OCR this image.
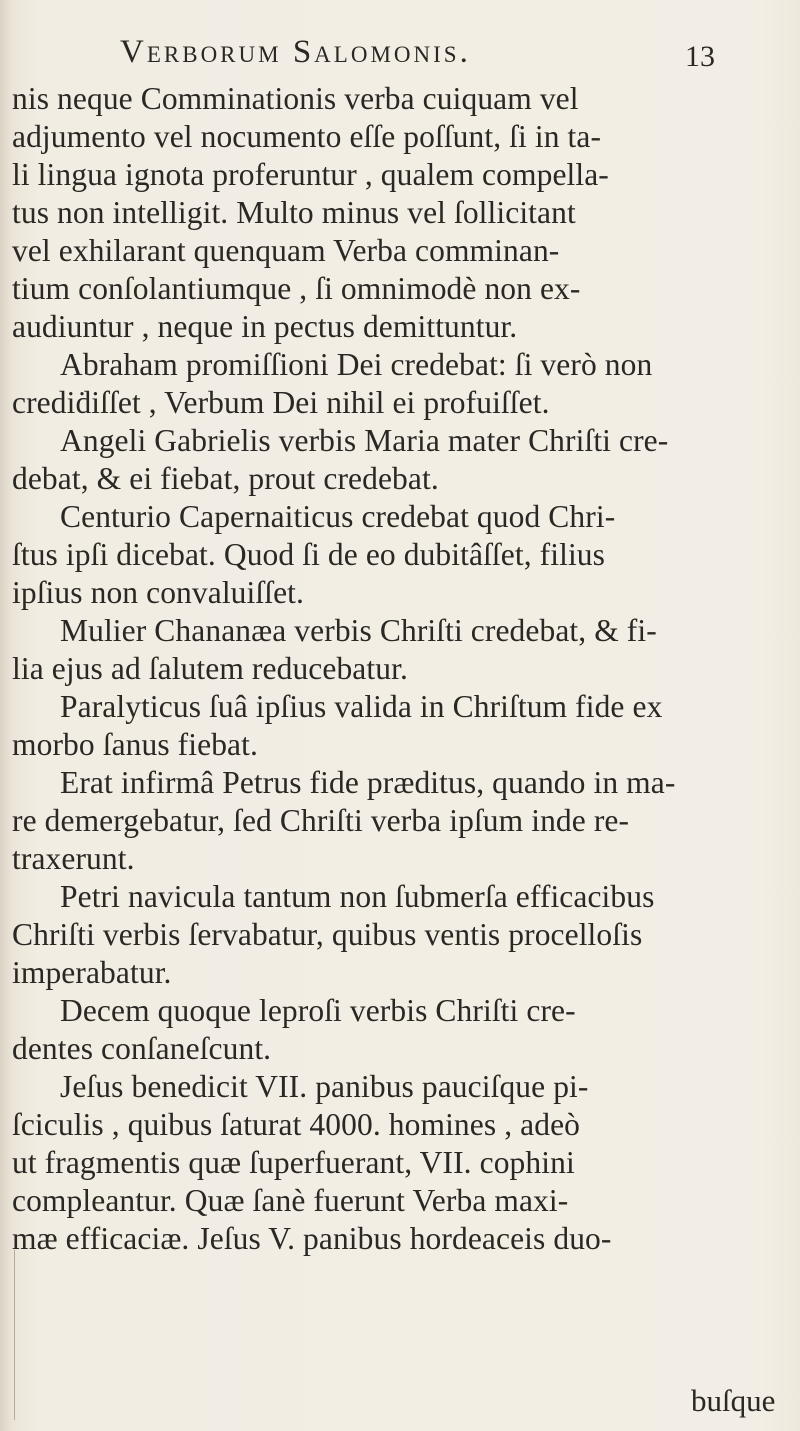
Verborum Salomonis.	13
nis neque Comminationis verba cuiquam vel
adjumento vel nocumento eſſe poſſunt, ſi in ta-
li lingua ignota proferuntur , qualem compella-
tus non intelligit. Multo minus vel ſollicitant
vel exhilarant quenquam Verba comminan-
tium conſolantiumque , ſi omnimodè non ex-
audiuntur , neque in pectus demittuntur.
Abraham promiſſioni Dei credebat: ſi verò non
crediḋiſſet , Verbum Dei nihil ei profuiſſet.
Angeli Gabrielis verbis Maria mater Chriſti cre-
debat, & ei fiebat, prout credebat.
Centurio Capernaiticus credebat quod Chri-
ſtus ipſi dicebat. Quod ſi de eo dubitâſſet, filius
ipſius non convaluiſſet.
Mulier Chananæa verbis Chriſti credebat, & fi-
lia ejus ad ſalutem reducebatur.
Paralyticus ſuâ ipſius valida in Chriſtum fide ex
morbo ſanus fiebat.
Erat infirmâ Petrus fide præditus, quando in ma-
re demergebatur, ſed Chriſti verba ipſum inde re-
traxerunt.
Petri navicula tantum non ſubmerſa efficacibus
Chriſti verbis ſervabatur, quibus ventis procelloſis
imperabatur.
Decem quoque leproſi verbis Chriſti cre-
dentes conſaneſcunt.
Jeſus benedicit VII. panibus pauciſque pi-
ſciculis , quibus ſaturat 4000. homines , adeò
ut fragmentis quæ ſuperfuerant, VII. cophini
compleantur. Quæ ſanè fuerunt Verba maxi-
mæ efficaciæ. Jeſus V. panibus hordeaceis duo-
buſque
